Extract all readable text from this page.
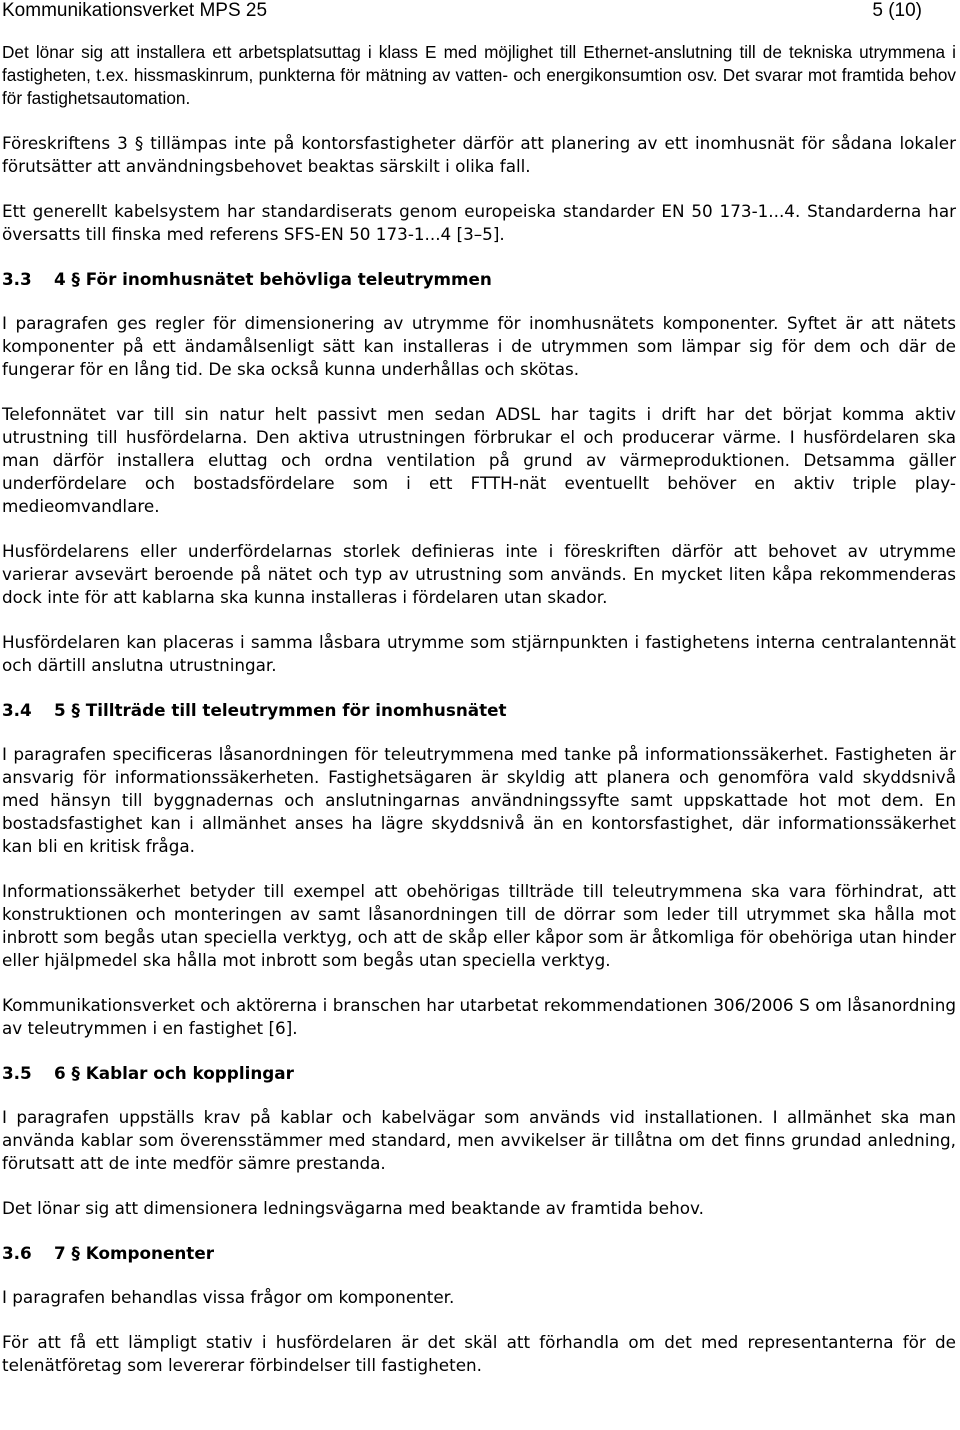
Kommunikationsverket MPS 25	5 (10)

Det lönar sig att installera ett arbetsplatsuttag i klass E med möjlighet till Ethernet-anslutning till de tekniska utrymmena i fastigheten, t.ex. hissmaskinrum, punkterna för mätning av vatten- och energikonsumtion osv. Det svarar mot framtida behov för fastighetsautomation.

Föreskriftens 3 § tillämpas inte på kontorsfastigheter därför att planering av ett inomhusnät för sådana lokaler förutsätter att användningsbehovet beaktas särskilt i olika fall.

Ett generellt kabelsystem har standardiserats genom europeiska standarder EN 50 173-1...4. Standarderna har översatts till finska med referens SFS-EN 50 173-1...4 [3–5].

3.3 4 § För inomhusnätet behövliga teleutrymmen

I paragrafen ges regler för dimensionering av utrymme för inomhusnätets komponenter. Syftet är att nätets komponenter på ett ändamålsenligt sätt kan installeras i de utrymmen som lämpar sig för dem och där de fungerar för en lång tid. De ska också kunna underhållas och skötas.

Telefonnätet var till sin natur helt passivt men sedan ADSL har tagits i drift har det börjat komma aktiv utrustning till husfördelarna. Den aktiva utrustningen förbrukar el och producerar värme. I husfördelaren ska man därför installera eluttag och ordna ventilation på grund av värmeproduktionen. Detsamma gäller underfördelare och bostadsfördelare som i ett FTTH-nät eventuellt behöver en aktiv triple play-medieomvandlare.

Husfördelarens eller underfördelarnas storlek definieras inte i föreskriften därför att behovet av utrymme varierar avsevärt beroende på nätet och typ av utrustning som används. En mycket liten kåpa rekommenderas dock inte för att kablarna ska kunna installeras i fördelaren utan skador.

Husfördelaren kan placeras i samma låsbara utrymme som stjärnpunkten i fastighetens interna centralantennät och därtill anslutna utrustningar.

3.4 5 § Tillträde till teleutrymmen för inomhusnätet

I paragrafen specificeras låsanordningen för teleutrymmena med tanke på informationssäkerhet. Fastigheten är ansvarig för informationssäkerheten. Fastighetsägaren är skyldig att planera och genomföra vald skyddsnivå med hänsyn till byggnadernas och anslutningarnas användningssyfte samt uppskattade hot mot dem. En bostadsfastighet kan i allmänhet anses ha lägre skyddsnivå än en kontorsfastighet, där informationssäkerhet kan bli en kritisk fråga.

Informationssäkerhet betyder till exempel att obehörigas tillträde till teleutrymmena ska vara förhindrat, att konstruktionen och monteringen av samt låsanordningen till de dörrar som leder till utrymmet ska hålla mot inbrott som begås utan speciella verktyg, och att de skåp eller kåpor som är åtkomliga för obehöriga utan hinder eller hjälpmedel ska hålla mot inbrott som begås utan speciella verktyg.

Kommunikationsverket och aktörerna i branschen har utarbetat rekommendationen 306/2006 S om låsanordning av teleutrymmen i en fastighet [6].

3.5 6 § Kablar och kopplingar

I paragrafen uppställs krav på kablar och kabelvägar som används vid installationen. I allmänhet ska man använda kablar som överensstämmer med standard, men avvikelser är tillåtna om det finns grundad anledning, förutsatt att de inte medför sämre prestanda.

Det lönar sig att dimensionera ledningsvägarna med beaktande av framtida behov.

3.6 7 § Komponenter

I paragrafen behandlas vissa frågor om komponenter.

För att få ett lämpligt stativ i husfördelaren är det skäl att förhandla om det med representanterna för de telenätföretag som levererar förbindelser till fastigheten.
